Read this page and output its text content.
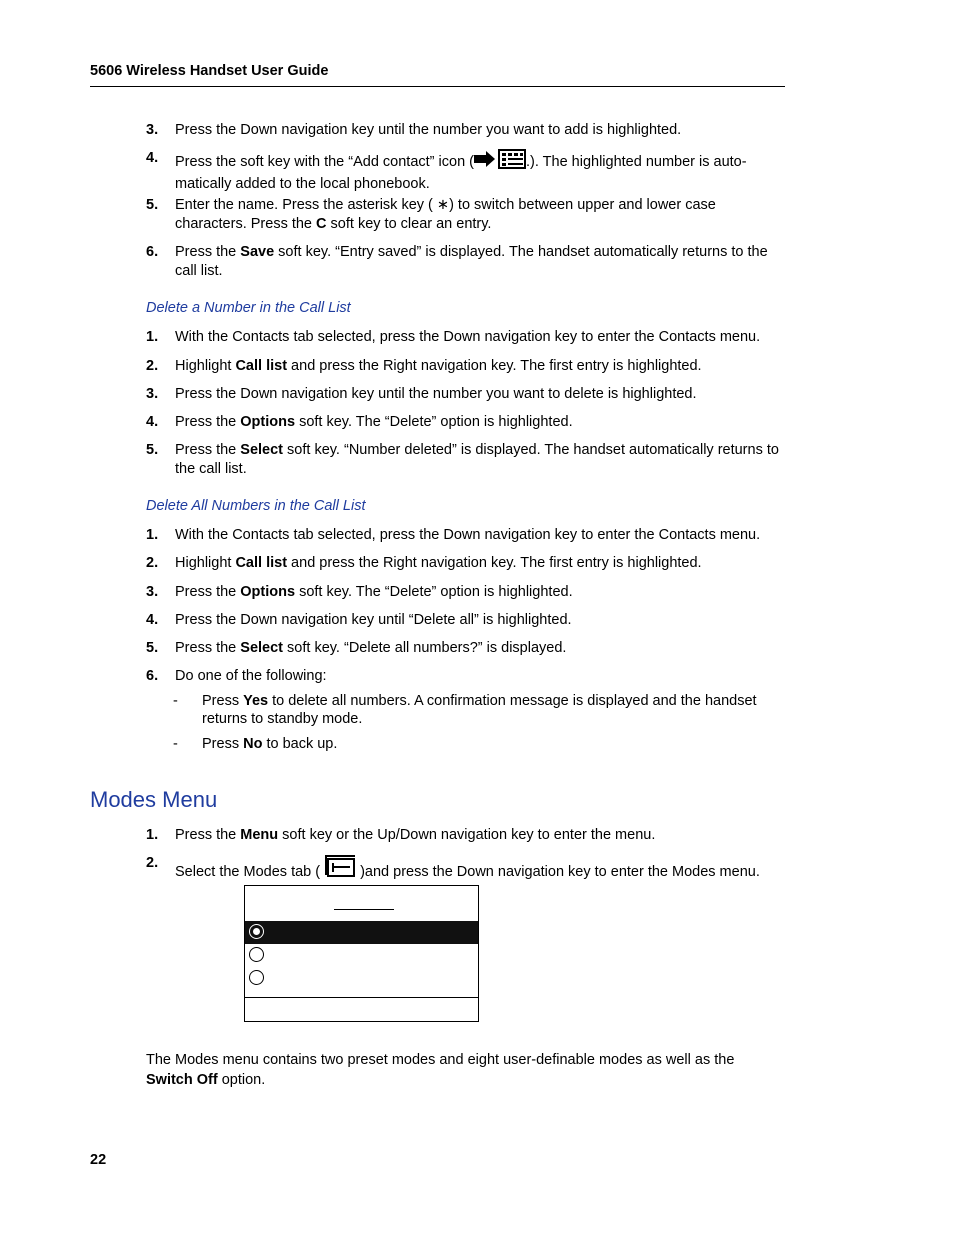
5606 Wireless Handset User Guide
3. Press the Down navigation key until the number you want to add is highlighted.
4. Press the soft key with the “Add contact” icon (	.). The highlighted number is auto-matically added to the local phonebook.
5. Enter the name. Press the asterisk key ( ∗) to switch between upper and lower case characters. Press the C soft key to clear an entry.
6. Press the Save soft key. “Entry saved” is displayed. The handset automatically returns to the call list.
Delete a Number in the Call List
1. With the Contacts tab selected, press the Down navigation key to enter the Contacts menu.
2. Highlight Call list and press the Right navigation key. The first entry is highlighted.
3. Press the Down navigation key until the number you want to delete is highlighted.
4. Press the Options soft key. The “Delete” option is highlighted.
5. Press the Select soft key. “Number deleted” is displayed. The handset automatically returns to the call list.
Delete All Numbers in the Call List
1. With the Contacts tab selected, press the Down navigation key to enter the Contacts menu.
2. Highlight Call list and press the Right navigation key. The first entry is highlighted.
3. Press the Options soft key. The “Delete” option is highlighted.
4. Press the Down navigation key until “Delete all” is highlighted.
5. Press the Select soft key. “Delete all numbers?” is displayed.
6. Do one of the following:
- Press Yes to delete all numbers. A confirmation message is displayed and the handset returns to standby mode.
- Press No to back up.
Modes Menu
1. Press the Menu soft key or the Up/Down navigation key to enter the menu.
2.
Select the Modes tab (	)and press the Down navigation key to enter the Modes menu.
The Modes menu contains two preset modes and eight user-definable modes as well as the
Switch Off option.
22
